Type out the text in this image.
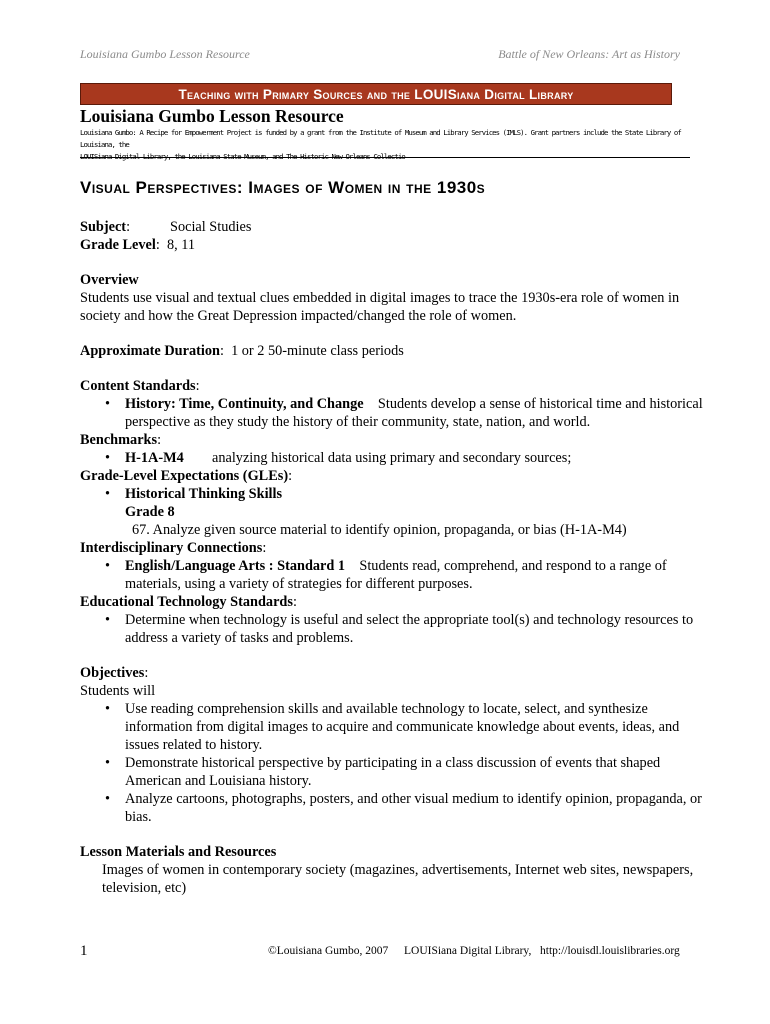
Louisiana Gumbo Lesson Resource	Battle of New Orleans: Art as History
Teaching with Primary Sources and the LOUISiana Digital Library
Louisiana Gumbo Lesson Resource
Louisiana Gumbo: A Recipe for Empowerment Project is funded by a grant from the Institute of Museum and Library Services (IMLS). Grant partners include the State Library of Louisiana, the

Visual Perspectives: Images of Women in the 1930s
Subject:	Social Studies
Grade Level:  8, 11
Overview
Students use visual and textual clues embedded in digital images to trace the 1930s-era role of women in society and how the Great Depression impacted/changed the role of women.
Approximate Duration:  1 or 2 50-minute class periods
Content Standards:
• History: Time, Continuity, and Change Students develop a sense of historical time and historical perspective as they study the history of their community, state, nation, and world.
Benchmarks:
• H-1A-M4 analyzing historical data using primary and secondary sources;
Grade-Level Expectations (GLEs):
• Historical Thinking Skills
Grade 8
67. Analyze given source material to identify opinion, propaganda, or bias (H-1A-M4)
Interdisciplinary Connections:
• English/Language Arts : Standard 1 Students read, comprehend, and respond to a range of materials, using a variety of strategies for different purposes.
Educational Technology Standards:
• Determine when technology is useful and select the appropriate tool(s) and technology resources to address a variety of tasks and problems.
Objectives:
Students will
• Use reading comprehension skills and available technology to locate, select, and synthesize information from digital images to acquire and communicate knowledge about events, ideas, and issues related to history.
• Demonstrate historical perspective by participating in a class discussion of events that shaped American and Louisiana history.
• Analyze cartoons, photographs, posters, and other visual medium to identify opinion, propaganda, or bias.
Lesson Materials and Resources
Images of women in contemporary society (magazines, advertisements, Internet web sites, newspapers, television, etc)
1	©Louisiana Gumbo, 2007 LOUISiana Digital Library, http://louisdl.louislibraries.org
